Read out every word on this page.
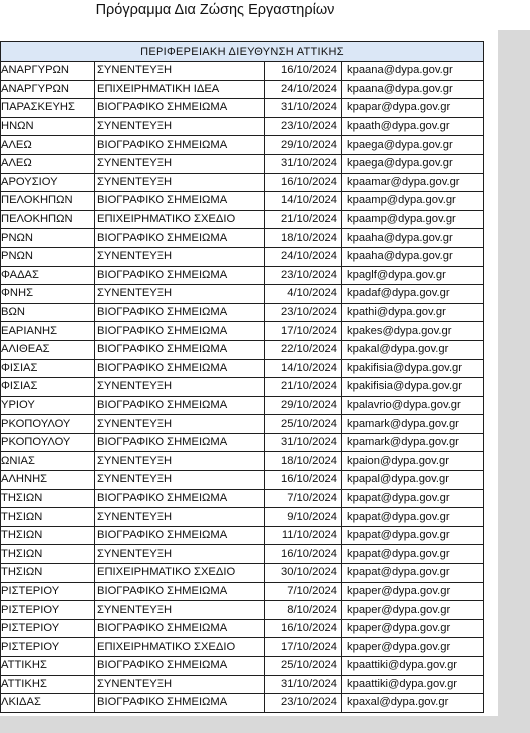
Πρόγραμμα Δια Ζώσης Εργαστηρίων
ΠΕΡΙΦΕΡΕΙΑΚΗ ΔΙΕΥΘΥΝΣΗ ΑΤΤΙΚΗΣ			
ΑΝΑΡΓΥΡΩΝ	ΣΥΝΕΝΤΕΥΞΗ	16/10/2024	kpaana@dypa.gov.gr
ΑΝΑΡΓΥΡΩΝ	ΕΠΙΧΕΙΡΗΜΑΤΙΚΗ ΙΔΕΑ	24/10/2024	kpaana@dypa.gov.gr
ΠΑΡΑΣΚΕΥΗΣ	ΒΙΟΓΡΑΦΙΚΟ ΣΗΜΕΙΩΜΑ	31/10/2024	kpapar@dypa.gov.gr
ΗΝΩΝ	ΣΥΝΕΝΤΕΥΞΗ	23/10/2024	kpaath@dypa.gov.gr
ΑΛΕΩ	ΒΙΟΓΡΑΦΙΚΟ ΣΗΜΕΙΩΜΑ	29/10/2024	kpaega@dypa.gov.gr
ΑΛΕΩ	ΣΥΝΕΝΤΕΥΞΗ	31/10/2024	kpaega@dypa.gov.gr
ΑΡΟΥΣΙΟΥ	ΣΥΝΕΝΤΕΥΞΗ	16/10/2024	kpaamar@dypa.gov.gr
ΠΕΛΟΚΗΠΩΝ	ΒΙΟΓΡΑΦΙΚΟ ΣΗΜΕΙΩΜΑ	14/10/2024	kpaamp@dypa.gov.gr
ΠΕΛΟΚΗΠΩΝ	ΕΠΙΧΕΙΡΗΜΑΤΙΚΟ ΣΧΕΔΙΟ	21/10/2024	kpaamp@dypa.gov.gr
ΡΝΩΝ	ΒΙΟΓΡΑΦΙΚΟ ΣΗΜΕΙΩΜΑ	18/10/2024	kpaaha@dypa.gov.gr
ΡΝΩΝ	ΣΥΝΕΝΤΕΥΞΗ	24/10/2024	kpaaha@dypa.gov.gr
ΦΑΔΑΣ	ΒΙΟΓΡΑΦΙΚΟ ΣΗΜΕΙΩΜΑ	23/10/2024	kpaglf@dypa.gov.gr
ΦΝΗΣ	ΣΥΝΕΝΤΕΥΞΗ	4/10/2024	kpadaf@dypa.gov.gr
ΒΩΝ	ΒΙΟΓΡΑΦΙΚΟ ΣΗΜΕΙΩΜΑ	23/10/2024	kpathi@dypa.gov.gr
ΕΑΡΙΑΝΗΣ	ΒΙΟΓΡΑΦΙΚΟ ΣΗΜΕΙΩΜΑ	17/10/2024	kpakes@dypa.gov.gr
ΑΛΙΘΕΑΣ	ΒΙΟΓΡΑΦΙΚΟ ΣΗΜΕΙΩΜΑ	22/10/2024	kpakal@dypa.gov.gr
ΦΙΣΙΑΣ	ΒΙΟΓΡΑΦΙΚΟ ΣΗΜΕΙΩΜΑ	14/10/2024	kpakifisia@dypa.gov.gr
ΦΙΣΙΑΣ	ΣΥΝΕΝΤΕΥΞΗ	21/10/2024	kpakifisia@dypa.gov.gr
ΥΡΙΟΥ	ΒΙΟΓΡΑΦΙΚΟ ΣΗΜΕΙΩΜΑ	29/10/2024	kpalavrio@dypa.gov.gr
ΡΚΟΠΟΥΛΟΥ	ΣΥΝΕΝΤΕΥΞΗ	25/10/2024	kpamark@dypa.gov.gr
ΡΚΟΠΟΥΛΟΥ	ΒΙΟΓΡΑΦΙΚΟ ΣΗΜΕΙΩΜΑ	31/10/2024	kpamark@dypa.gov.gr
ΩΝΙΑΣ	ΣΥΝΕΝΤΕΥΞΗ	18/10/2024	kpaion@dypa.gov.gr
ΑΛΗΝΗΣ	ΣΥΝΕΝΤΕΥΞΗ	16/10/2024	kpapal@dypa.gov.gr
ΤΗΣΙΩΝ	ΒΙΟΓΡΑΦΙΚΟ ΣΗΜΕΙΩΜΑ	7/10/2024	kpapat@dypa.gov.gr
ΤΗΣΙΩΝ	ΣΥΝΕΝΤΕΥΞΗ	9/10/2024	kpapat@dypa.gov.gr
ΤΗΣΙΩΝ	ΒΙΟΓΡΑΦΙΚΟ ΣΗΜΕΙΩΜΑ	11/10/2024	kpapat@dypa.gov.gr
ΤΗΣΙΩΝ	ΣΥΝΕΝΤΕΥΞΗ	16/10/2024	kpapat@dypa.gov.gr
ΤΗΣΙΩΝ	ΕΠΙΧΕΙΡΗΜΑΤΙΚΟ ΣΧΕΔΙΟ	30/10/2024	kpapat@dypa.gov.gr
ΡΙΣΤΕΡΙΟΥ	ΒΙΟΓΡΑΦΙΚΟ ΣΗΜΕΙΩΜΑ	7/10/2024	kpaper@dypa.gov.gr
ΡΙΣΤΕΡΙΟΥ	ΣΥΝΕΝΤΕΥΞΗ	8/10/2024	kpaper@dypa.gov.gr
ΡΙΣΤΕΡΙΟΥ	ΒΙΟΓΡΑΦΙΚΟ ΣΗΜΕΙΩΜΑ	16/10/2024	kpaper@dypa.gov.gr
ΡΙΣΤΕΡΙΟΥ	ΕΠΙΧΕΙΡΗΜΑΤΙΚΟ ΣΧΕΔΙΟ	17/10/2024	kpaper@dypa.gov.gr
ΑΤΤΙΚΗΣ	ΒΙΟΓΡΑΦΙΚΟ ΣΗΜΕΙΩΜΑ	25/10/2024	kpaattiki@dypa.gov.gr
ΑΤΤΙΚΗΣ	ΣΥΝΕΝΤΕΥΞΗ	31/10/2024	kpaattiki@dypa.gov.gr
ΛΚΙΔΑΣ	ΒΙΟΓΡΑΦΙΚΟ ΣΗΜΕΙΩΜΑ	23/10/2024	kpaxal@dypa.gov.gr
